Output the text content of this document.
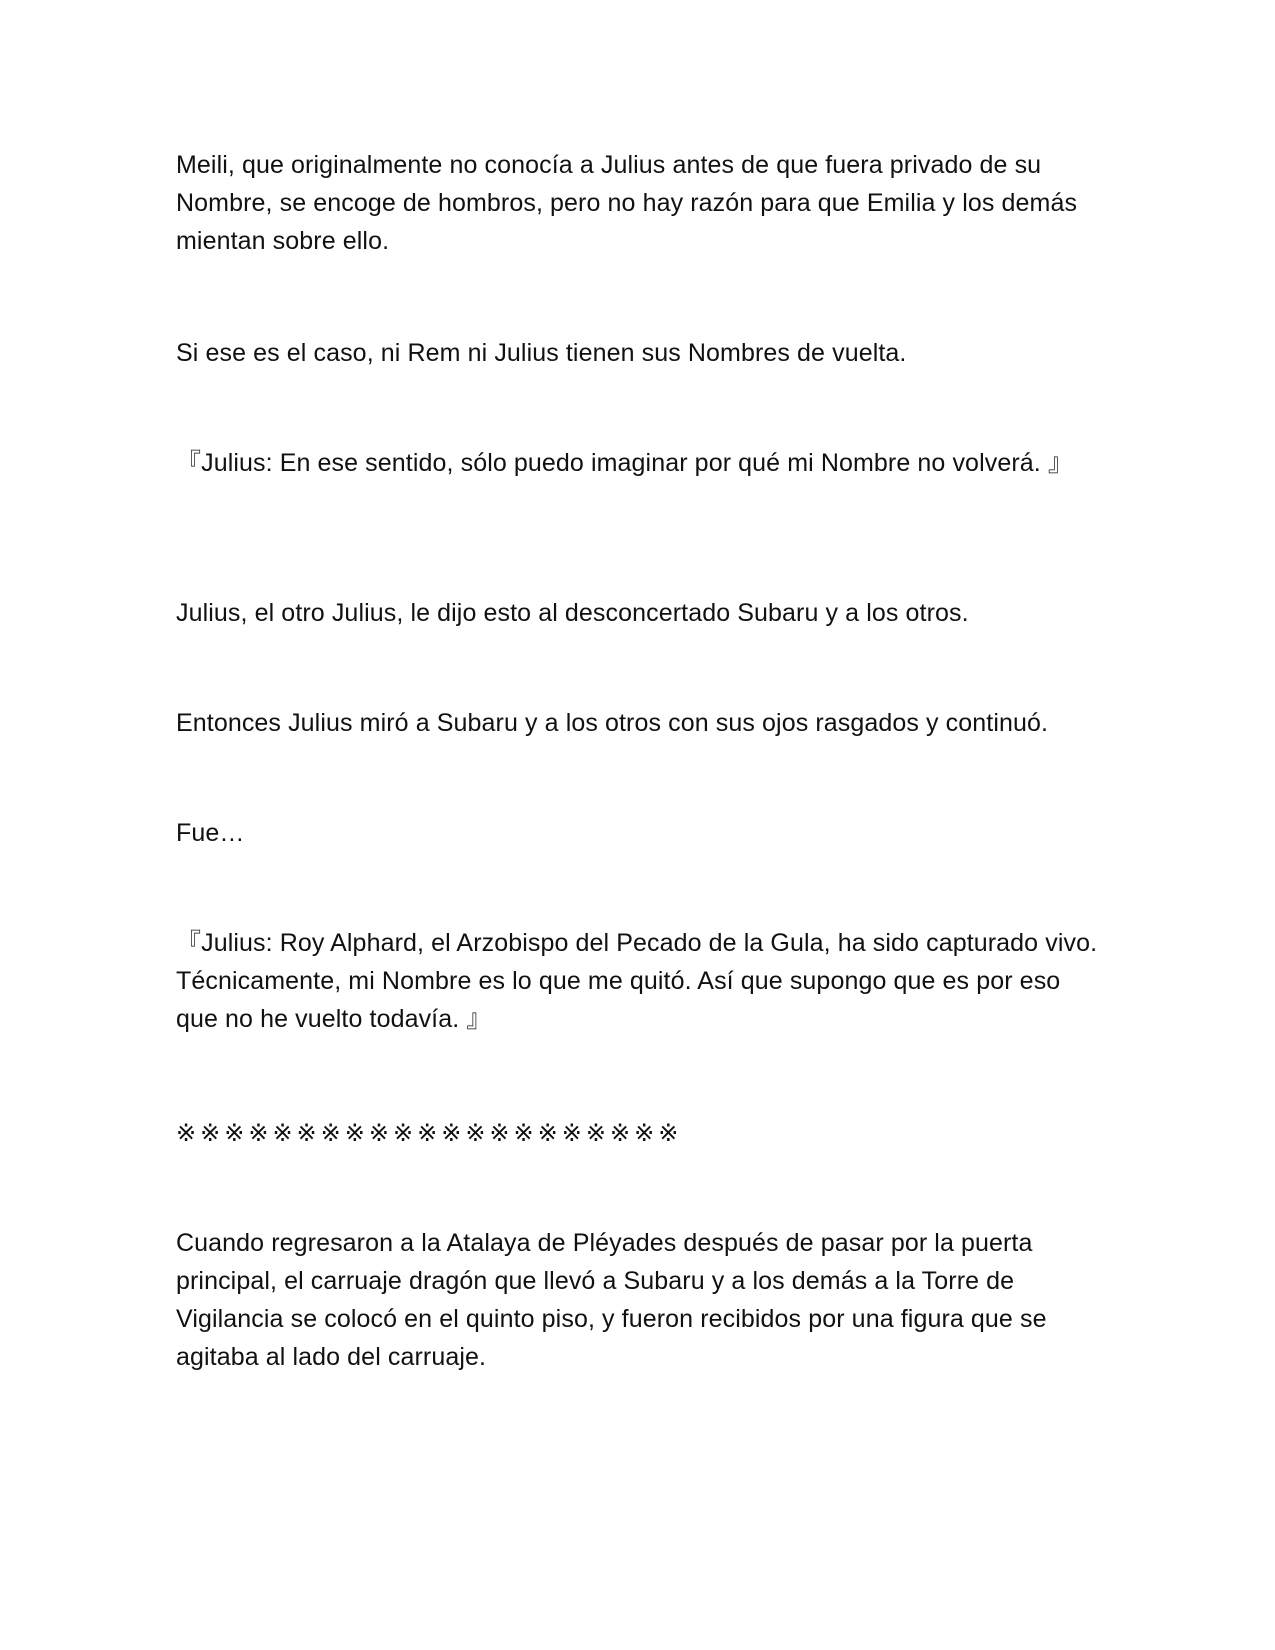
Meili, que originalmente no conocía a Julius antes de que fuera privado de su Nombre, se encoge de hombros, pero no hay razón para que Emilia y los demás mientan sobre ello.

Si ese es el caso, ni Rem ni Julius tienen sus Nombres de vuelta.

『Julius: En ese sentido, sólo puedo imaginar por qué mi Nombre no volverá. 』

Julius, el otro Julius, le dijo esto al desconcertado Subaru y a los otros.

Entonces Julius miró a Subaru y a los otros con sus ojos rasgados y continuó.

Fue…

『Julius: Roy Alphard, el Arzobispo del Pecado de la Gula, ha sido capturado vivo. Técnicamente, mi Nombre es lo que me quitó. Así que supongo que es por eso que no he vuelto todavía. 』

※※※※※※※※※※※※※※※※※※※※※

Cuando regresaron a la Atalaya de Pléyades después de pasar por la puerta principal, el carruaje dragón que llevó a Subaru y a los demás a la Torre de Vigilancia se colocó en el quinto piso, y fueron recibidos por una figura que se agitaba al lado del carruaje.
